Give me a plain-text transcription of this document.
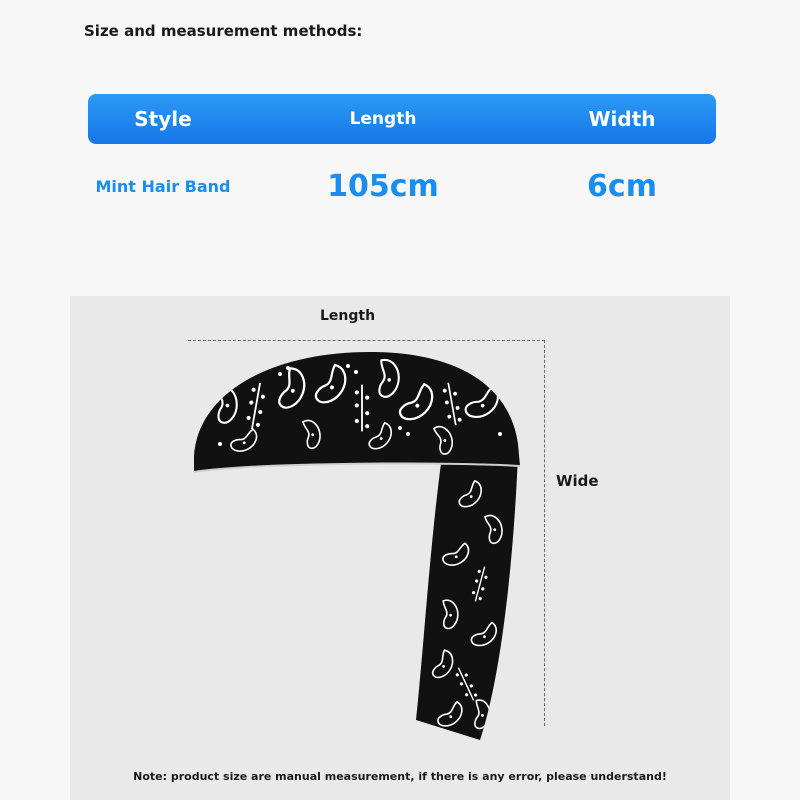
Size and measurement methods:
Style	Length	Width
Mint Hair Band	105cm	6cm
Length
Wide
Note: product size are manual measurement, if there is any error, please understand!
